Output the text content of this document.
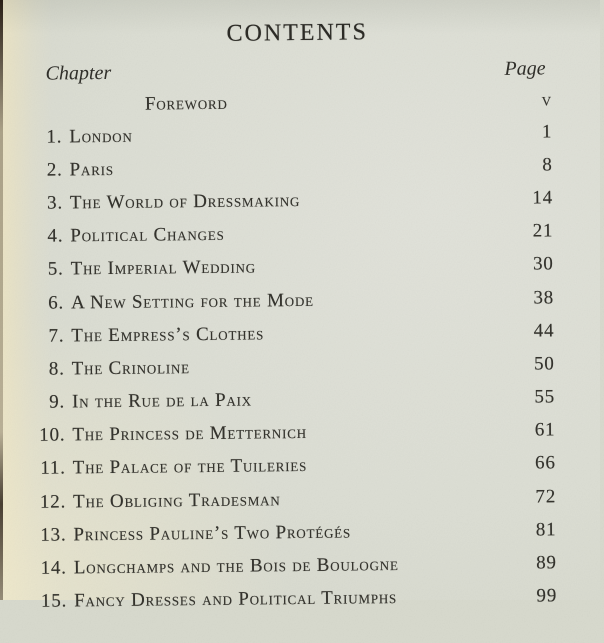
CONTENTS
Chapter	Page
Foreword	v
1. London	1
2. Paris	8
3. The World of Dressmaking	14
4. Political Changes	21
5. The Imperial Wedding	30
6. A New Setting for the Mode	38
7. The Empress’s Clothes	44
8. The Crinoline	50
9. In the Rue de la Paix	55
10. The Princess de Metternich	61
11. The Palace of the Tuileries	66
12. The Obliging Tradesman	72
13. Princess Pauline’s Two Protégés	81
14. Longchamps and the Bois de Boulogne	89
15. Fancy Dresses and Political Triumphs	99
